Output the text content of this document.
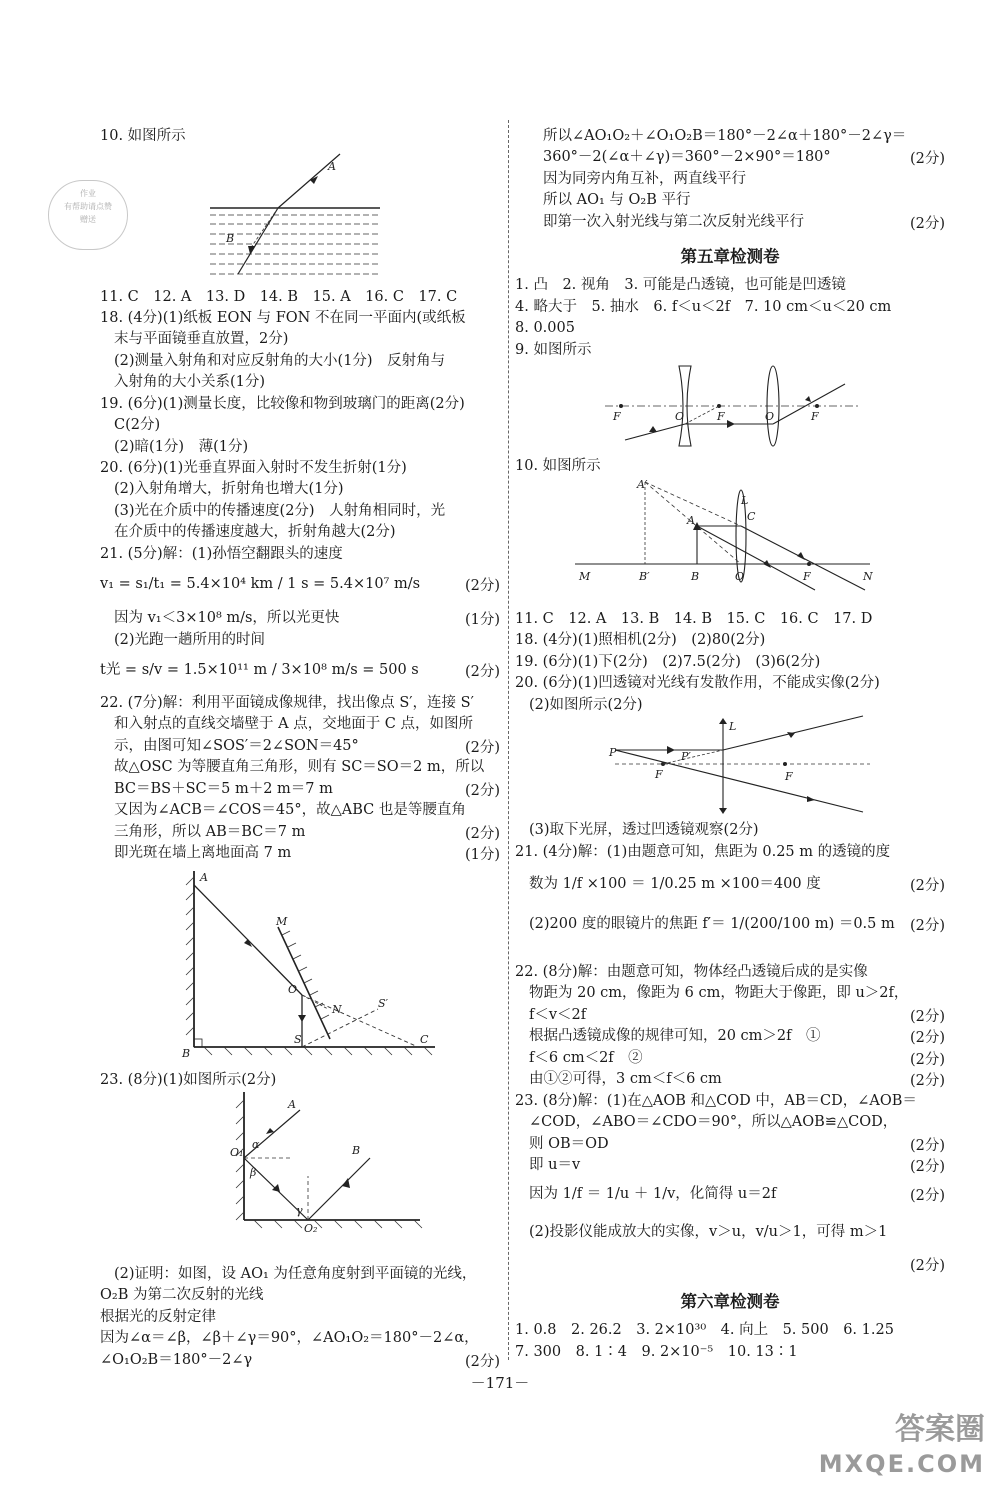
作业
有帮助请点赞
赠送
10. 如图所示
A
B
11. C　12. A　13. D　14. B　15. A　16. C　17. C
18. (4分)(1)纸板 EON 与 FON 不在同一平面内(或纸板
末与平面镜垂直放置，2分)
(2)测量入射角和对应反射角的大小(1分)　反射角与
入射角的大小关系(1分)
19. (6分)(1)测量长度，比较像和物到玻璃门的距离(2分)
C(2分)
(2)暗(1分)　薄(1分)
20. (6分)(1)光垂直界面入射时不发生折射(1分)
(2)入射角增大，折射角也增大(1分)
(3)光在介质中的传播速度(2分)　人射角相同时，光
在介质中的传播速度越大，折射角越大(2分)
21. (5分)解：(1)孙悟空翻跟头的速度
v₁ = s₁/t₁ = 5.4×10⁴ km / 1 s = 5.4×10⁷ m/s	(2分)
因为 v₁＜3×10⁸ m/s，所以光更快	(1分)
(2)光跑一趟所用的时间
t光 = s/v = 1.5×10¹¹ m / 3×10⁸ m/s = 500 s	(2分)
22. (7分)解：利用平面镜成像规律，找出像点 S′，连接 S′
和入射点的直线交墙壁于 A 点，交地面于 C 点，如图所
示，由图可知∠SOS′＝2∠SON＝45°	(2分)
故△OSC 为等腰直角三角形，则有 SC＝SO＝2 m，所以
BC＝BS＋SC＝5 m＋2 m＝7 m	(2分)
又因为∠ACB＝∠COS＝45°，故△ABC 也是等腰直角
三角形，所以 AB＝BC＝7 m	(2分)
即光斑在墙上离地面高 7 m	(1分)
A
M
O
N	S′
S	C
B
23. (8分)(1)如图所示(2分)
A
B
O₁
O₂
α
β
γ
(2)证明：如图，设 AO₁ 为任意角度射到平面镜的光线，
O₂B 为第二次反射的光线
根据光的反射定律
因为∠α＝∠β，∠β＋∠γ＝90°，∠AO₁O₂＝180°－2∠α，
∠O₁O₂B＝180°－2∠γ	(2分)
所以∠AO₁O₂＋∠O₁O₂B＝180°－2∠α＋180°－2∠γ＝
360°－2(∠α＋∠γ)＝360°－2×90°＝180°	(2分)
因为同旁内角互补，两直线平行
所以 AO₁ 与 O₂B 平行
即第一次入射光线与第二次反射光线平行	(2分)
第五章检测卷
1. 凸　2. 视角　3. 可能是凸透镜，也可能是凹透镜
4. 略大于　5. 抽水　6. f＜u＜2f　7. 10 cm＜u＜20 cm
8. 0.005
9. 如图所示
F	O	F	O	F
10. 如图所示
M	B′	B	O	F	N
A′
A
L
C
11. C　12. A　13. B　14. B　15. C　16. C　17. D
18. (4分)(1)照相机(2分)　(2)80(2分)
19. (6分)(1)下(2分)　(2)7.5(2分)　(3)6(2分)
20. (6分)(1)凹透镜对光线有发散作用，不能成实像(2分)
(2)如图所示(2分)
P	P′
F
L
F
(3)取下光屏，透过凹透镜观察(2分)
21. (4分)解：(1)由题意可知，焦距为 0.25 m 的透镜的度
数为 1/f ×100 ＝ 1/0.25 m ×100＝400 度	(2分)
(2)200 度的眼镜片的焦距 f′＝ 1/(200/100 m) ＝0.5 m (2分)
22. (8分)解：由题意可知，物体经凸透镜后成的是实像
物距为 20 cm，像距为 6 cm，物距大于像距，即 u＞2f，
f＜v＜2f	(2分)
根据凸透镜成像的规律可知，20 cm＞2f　①	(2分)
f＜6 cm＜2f　②	(2分)
由①②可得，3 cm＜f＜6 cm	(2分)
23. (8分)解：(1)在△AOB 和△COD 中，AB＝CD，∠AOB＝
∠COD，∠ABO＝∠CDO＝90°，所以△AOB≌△COD，
则 OB＝OD	(2分)
即 u＝v	(2分)
因为 1/f ＝ 1/u ＋ 1/v，化简得 u＝2f	(2分)
(2)投影仪能成放大的实像，v＞u，v/u＞1，可得 m＞1
(2分)
第六章检测卷
1. 0.8　2. 26.2　3. 2×10³⁰　4. 向上　5. 500　6. 1.25
7. 300　8. 1∶4　9. 2×10⁻⁵　10. 13∶1
－171－
答案圈
MXQE.COM
